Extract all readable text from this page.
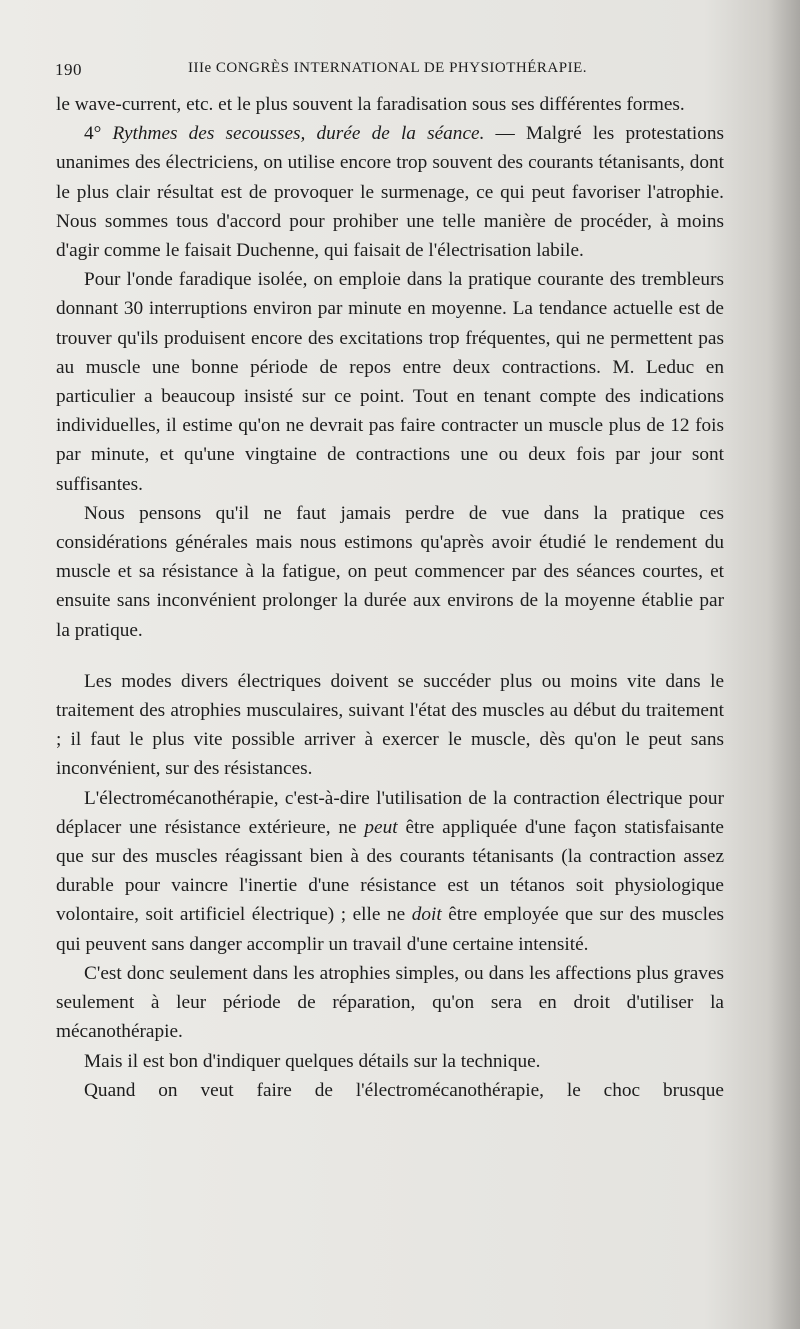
190	IIIe CONGRÈS INTERNATIONAL DE PHYSIOTHÉRAPIE.

le wave-current, etc. et le plus souvent la faradisation sous ses différentes formes.

4° Rythmes des secousses, durée de la séance. — Malgré les protestations unanimes des électriciens, on utilise encore trop souvent des courants tétanisants, dont le plus clair résultat est de provoquer le surmenage, ce qui peut favoriser l'atrophie. Nous sommes tous d'accord pour prohiber une telle manière de procéder, à moins d'agir comme le faisait Duchenne, qui faisait de l'électrisation labile.

Pour l'onde faradique isolée, on emploie dans la pratique courante des trembleurs donnant 30 interruptions environ par minute en moyenne. La tendance actuelle est de trouver qu'ils produisent encore des excitations trop fréquentes, qui ne permettent pas au muscle une bonne période de repos entre deux contractions. M. Leduc en particulier a beaucoup insisté sur ce point. Tout en tenant compte des indications individuelles, il estime qu'on ne devrait pas faire contracter un muscle plus de 12 fois par minute, et qu'une vingtaine de contractions une ou deux fois par jour sont suffisantes.

Nous pensons qu'il ne faut jamais perdre de vue dans la pratique ces considérations générales mais nous estimons qu'après avoir étudié le rendement du muscle et sa résistance à la fatigue, on peut commencer par des séances courtes, et ensuite sans inconvénient prolonger la durée aux environs de la moyenne établie par la pratique.

Les modes divers électriques doivent se succéder plus ou moins vite dans le traitement des atrophies musculaires, suivant l'état des muscles au début du traitement ; il faut le plus vite possible arriver à exercer le muscle, dès qu'on le peut sans inconvénient, sur des résistances.

L'électromécanothérapie, c'est-à-dire l'utilisation de la contraction électrique pour déplacer une résistance extérieure, ne peut être appliquée d'une façon statisfaisante que sur des muscles réagissant bien à des courants tétanisants (la contraction assez durable pour vaincre l'inertie d'une résistance est un tétanos soit physiologique volontaire, soit artificiel électrique) ; elle ne doit être employée que sur des muscles qui peuvent sans danger accomplir un travail d'une certaine intensité.

C'est donc seulement dans les atrophies simples, ou dans les affections plus graves seulement à leur période de réparation, qu'on sera en droit d'utiliser la mécanothérapie.

Mais il est bon d'indiquer quelques détails sur la technique.

Quand on veut faire de l'électromécanothérapie, le choc brusque
